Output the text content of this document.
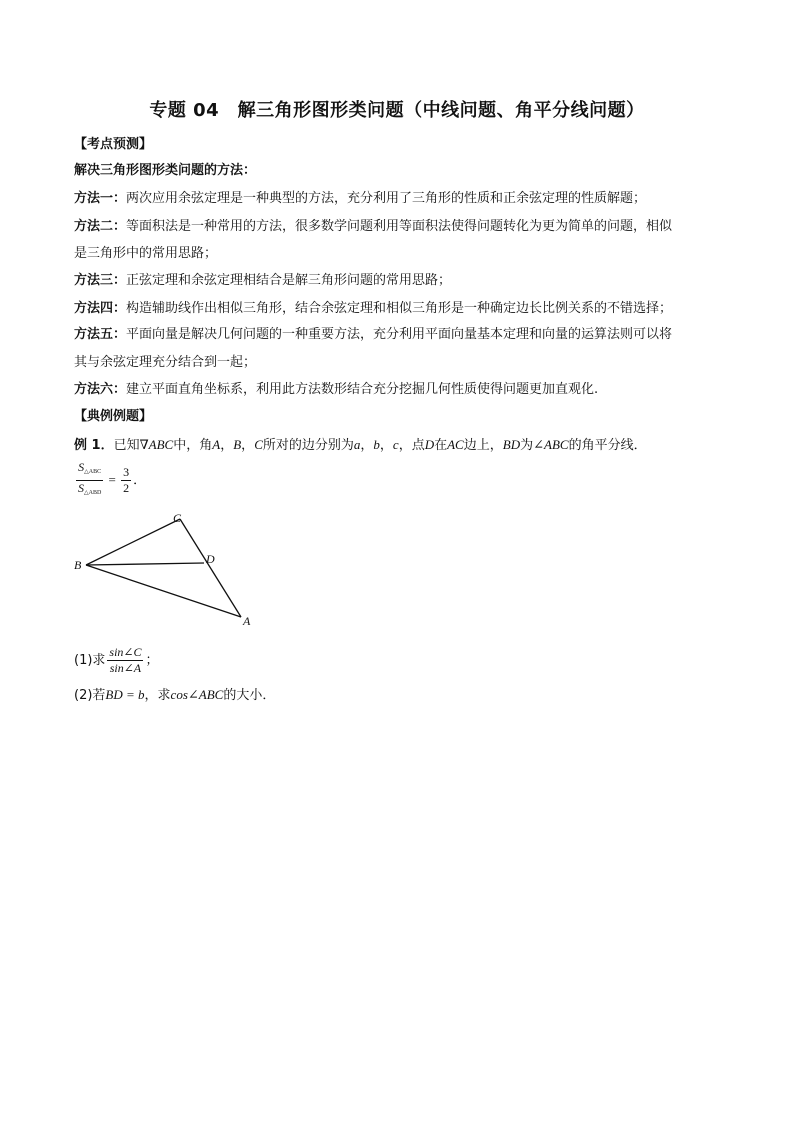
专题 04　解三角形图形类问题（中线问题、角平分线问题）
【考点预测】
解决三角形图形类问题的方法：
方法一：两次应用余弦定理是一种典型的方法，充分利用了三角形的性质和正余弦定理的性质解题；
方法二：等面积法是一种常用的方法，很多数学问题利用等面积法使得问题转化为更为简单的问题，相似
是三角形中的常用思路；
方法三：正弦定理和余弦定理相结合是解三角形问题的常用思路；
方法四：构造辅助线作出相似三角形，结合余弦定理和相似三角形是一种确定边长比例关系的不错选择；
方法五：平面向量是解决几何问题的一种重要方法，充分利用平面向量基本定理和向量的运算法则可以将
其与余弦定理充分结合到一起；
方法六：建立平面直角坐标系，利用此方法数形结合充分挖掘几何性质使得问题更加直观化.
【典例例题】
例 1．已知∇ABC中，角A，B，C所对的边分别为a，b，c，点D在AC边上，BD为∠ABC的角平分线．
$\frac{S_{\triangle ABC}}{S_{\triangle ABD}} = \frac{3}{2}$ ．
C
B	D
A
(1)求 $\frac{\sin\angle C}{\sin\angle A}$ ；
(2)若BD = b，求cos∠ABC的大小．
